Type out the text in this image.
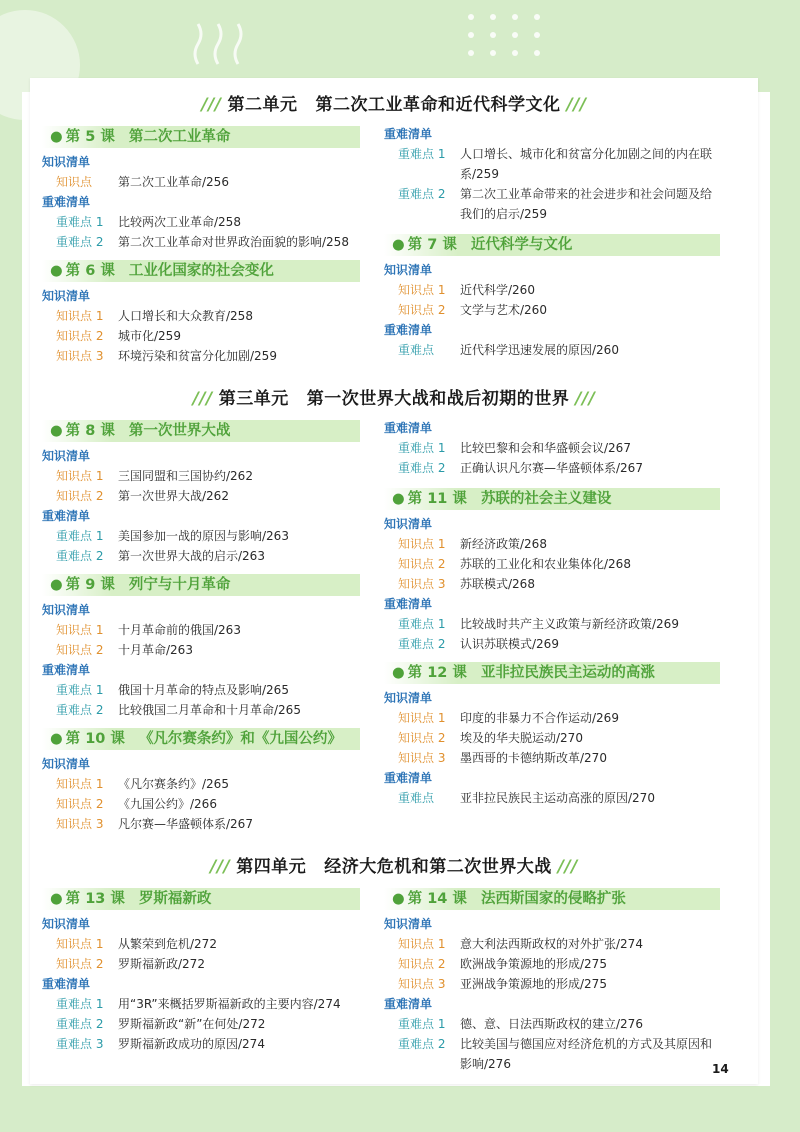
/// 第二单元 第二次工业革命和近代科学文化 ///
● 第 5 课 第二次工业革命
知识清单
知识点	第二次工业革命/256
重难清单
重难点 1	比较两次工业革命/258
重难点 2	第二次工业革命对世界政治面貌的影响/258
● 第 6 课 工业化国家的社会变化
知识清单
知识点 1	人口增长和大众教育/258
知识点 2	城市化/259
知识点 3	环境污染和贫富分化加剧/259
重难清单
重难点 1	人口增长、城市化和贫富分化加剧之间的内在联系/259
重难点 2	第二次工业革命带来的社会进步和社会问题及给我们的启示/259
● 第 7 课 近代科学与文化
知识清单
知识点 1	近代科学/260
知识点 2	文学与艺术/260
重难清单
重难点	近代科学迅速发展的原因/260
/// 第三单元 第一次世界大战和战后初期的世界 ///
● 第 8 课 第一次世界大战
知识清单
知识点 1	三国同盟和三国协约/262
知识点 2	第一次世界大战/262
重难清单
重难点 1	美国参加一战的原因与影响/263
重难点 2	第一次世界大战的启示/263
● 第 9 课 列宁与十月革命
知识清单
知识点 1	十月革命前的俄国/263
知识点 2	十月革命/263
重难清单
重难点 1	俄国十月革命的特点及影响/265
重难点 2	比较俄国二月革命和十月革命/265
● 第 10 课 《凡尔赛条约》和《九国公约》
知识清单
知识点 1	《凡尔赛条约》/265
知识点 2	《九国公约》/266
知识点 3	凡尔赛—华盛顿体系/267
重难清单
重难点 1	比较巴黎和会和华盛顿会议/267
重难点 2	正确认识凡尔赛—华盛顿体系/267
● 第 11 课 苏联的社会主义建设
知识清单
知识点 1	新经济政策/268
知识点 2	苏联的工业化和农业集体化/268
知识点 3	苏联模式/268
重难清单
重难点 1	比较战时共产主义政策与新经济政策/269
重难点 2	认识苏联模式/269
● 第 12 课 亚非拉民族民主运动的高涨
知识清单
知识点 1	印度的非暴力不合作运动/269
知识点 2	埃及的华夫脱运动/270
知识点 3	墨西哥的卡德纳斯改革/270
重难清单
重难点	亚非拉民族民主运动高涨的原因/270
/// 第四单元 经济大危机和第二次世界大战 ///
● 第 13 课 罗斯福新政
知识清单
知识点 1	从繁荣到危机/272
知识点 2	罗斯福新政/272
重难清单
重难点 1	用“3R”来概括罗斯福新政的主要内容/274
重难点 2	罗斯福新政“新”在何处/272
重难点 3	罗斯福新政成功的原因/274
● 第 14 课 法西斯国家的侵略扩张
知识清单
知识点 1	意大利法西斯政权的对外扩张/274
知识点 2	欧洲战争策源地的形成/275
知识点 3	亚洲战争策源地的形成/275
重难清单
重难点 1	德、意、日法西斯政权的建立/276
重难点 2	比较美国与德国应对经济危机的方式及其原因和影响/276	14
